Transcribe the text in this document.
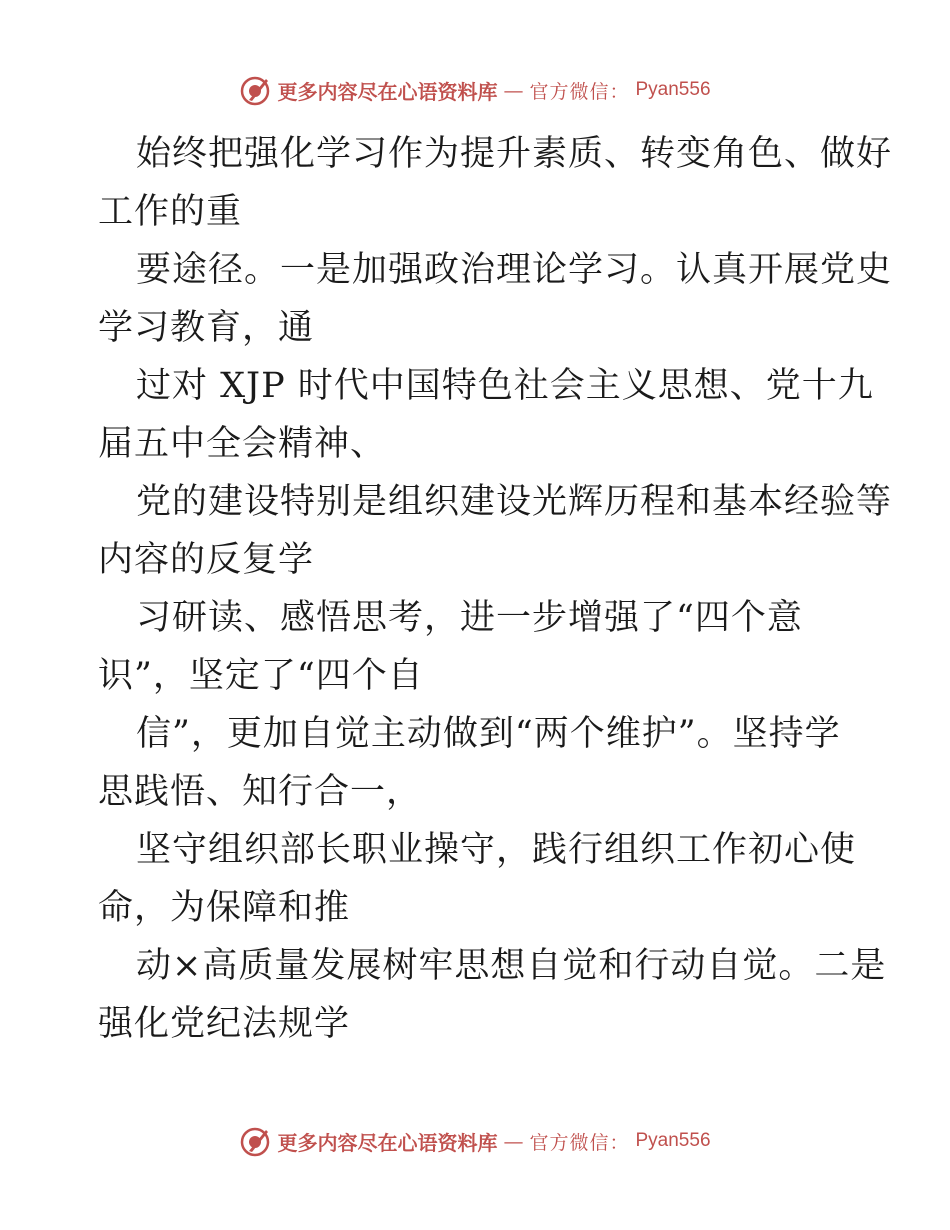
更多内容尽在心语资料库 — 官方微信： Pyan556
始终把强化学习作为提升素质、转变角色、做好
工作的重
要途径。一是加强政治理论学习。认真开展党史
学习教育，通
过对 XJP 时代中国特色社会主义思想、党十九
届五中全会精神、
党的建设特别是组织建设光辉历程和基本经验等
内容的反复学
习研读、感悟思考，进一步增强了“四个意
识”，坚定了“四个自
信”，更加自觉主动做到“两个维护”。坚持学
思践悟、知行合一，
坚守组织部长职业操守，践行组织工作初心使
命，为保障和推
动×高质量发展树牢思想自觉和行动自觉。二是
强化党纪法规学
更多内容尽在心语资料库 — 官方微信： Pyan556
